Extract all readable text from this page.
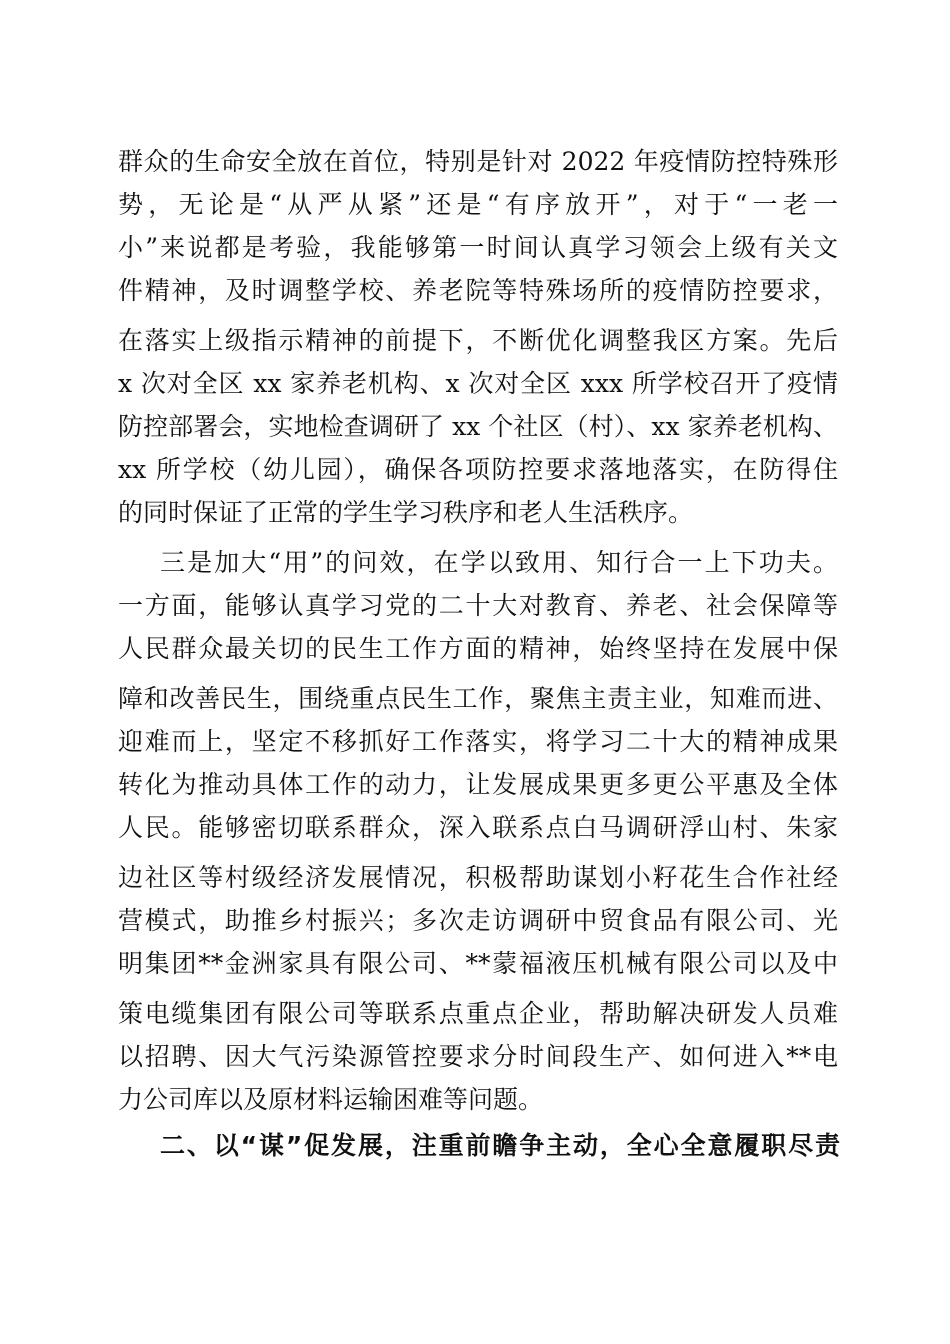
群众的生命安全放在首位，特别是针对 2022 年疫情防控特殊形
势，无论是“从严从紧”还是“有序放开”，对于“一老一
小”来说都是考验，我能够第一时间认真学习领会上级有关文
件精神，及时调整学校、养老院等特殊场所的疫情防控要求，
在落实上级指示精神的前提下，不断优化调整我区方案。先后
x 次对全区 xx 家养老机构、x 次对全区 xxx 所学校召开了疫情
防控部署会，实地检查调研了 xx 个社区（村）、xx 家养老机构、
xx 所学校（幼儿园），确保各项防控要求落地落实，在防得住
的同时保证了正常的学生学习秩序和老人生活秩序。
三是加大“用”的问效，在学以致用、知行合一上下功夫。
一方面，能够认真学习党的二十大对教育、养老、社会保障等
人民群众最关切的民生工作方面的精神，始终坚持在发展中保
障和改善民生，围绕重点民生工作，聚焦主责主业，知难而进、
迎难而上，坚定不移抓好工作落实，将学习二十大的精神成果
转化为推动具体工作的动力，让发展成果更多更公平惠及全体
人民。能够密切联系群众，深入联系点白马调研浮山村、朱家
边社区等村级经济发展情况，积极帮助谋划小籽花生合作社经
营模式，助推乡村振兴；多次走访调研中贸食品有限公司、光
明集团**金洲家具有限公司、**蒙福液压机械有限公司以及中
策电缆集团有限公司等联系点重点企业，帮助解决研发人员难
以招聘、因大气污染源管控要求分时间段生产、如何进入**电
力公司库以及原材料运输困难等问题。
二、以“谋”促发展，注重前瞻争主动，全心全意履职尽责
